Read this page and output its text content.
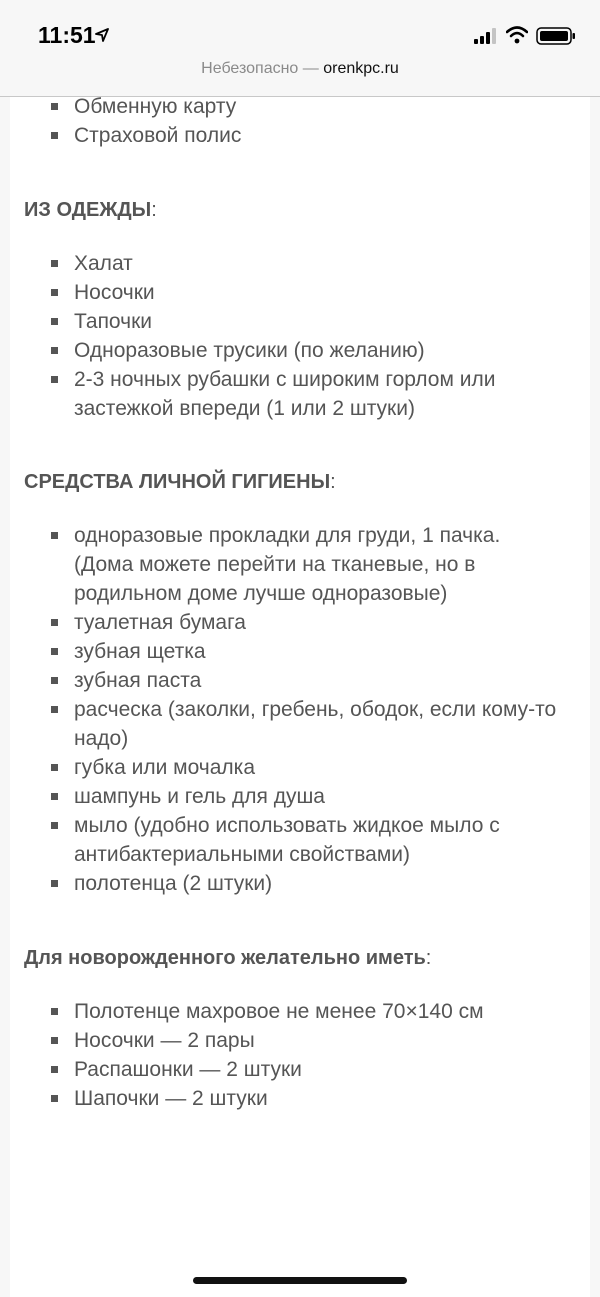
11:51
Небезопасно — orenkpc.ru
Обменную карту
Страховой полис
ИЗ ОДЕЖДЫ:
Халат
Носочки
Тапочки
Одноразовые трусики (по желанию)
2-3 ночных рубашки с широким горлом или застежкой впереди (1 или 2 штуки)
СРЕДСТВА ЛИЧНОЙ ГИГИЕНЫ:
одноразовые прокладки для груди, 1 пачка. (Дома можете перейти на тканевые, но в родильном доме лучше одноразовые)
туалетная бумага
зубная щетка
зубная паста
расческа (заколки, гребень, ободок, если кому-то надо)
губка или мочалка
шампунь и гель для душа
мыло (удобно использовать жидкое мыло с антибактериальными свойствами)
полотенца (2 штуки)
Для новорожденного желательно иметь:
Полотенце махровое не менее 70×140 см
Носочки — 2 пары
Распашонки — 2 штуки
Шапочки — 2 штуки
